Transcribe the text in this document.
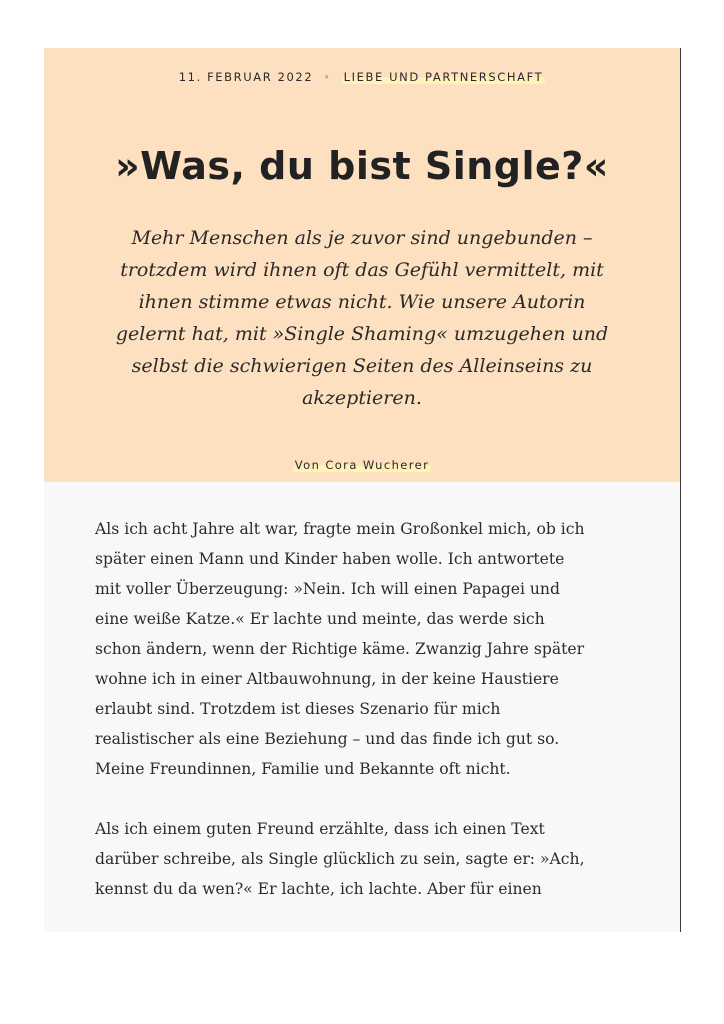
11. FEBRUAR 2022 • LIEBE UND PARTNERSCHAFT
»Was, du bist Single?«

Mehr Menschen als je zuvor sind ungebunden –
trotzdem wird ihnen oft das Gefühl vermittelt, mit
ihnen stimme etwas nicht. Wie unsere Autorin
gelernt hat, mit »Single Shaming« umzugehen und
selbst die schwierigen Seiten des Alleinseins zu
akzeptieren.

Von Cora Wucherer

Als ich acht Jahre alt war, fragte mein Großonkel mich, ob ich
später einen Mann und Kinder haben wolle. Ich antwortete
mit voller Überzeugung: »Nein. Ich will einen Papagei und
eine weiße Katze.« Er lachte und meinte, das werde sich
schon ändern, wenn der Richtige käme. Zwanzig Jahre später
wohne ich in einer Altbauwohnung, in der keine Haustiere
erlaubt sind. Trotzdem ist dieses Szenario für mich
realistischer als eine Beziehung – und das finde ich gut so.
Meine Freundinnen, Familie und Bekannte oft nicht.

Als ich einem guten Freund erzählte, dass ich einen Text
darüber schreibe, als Single glücklich zu sein, sagte er: »Ach,
kennst du da wen?« Er lachte, ich lachte. Aber für einen
